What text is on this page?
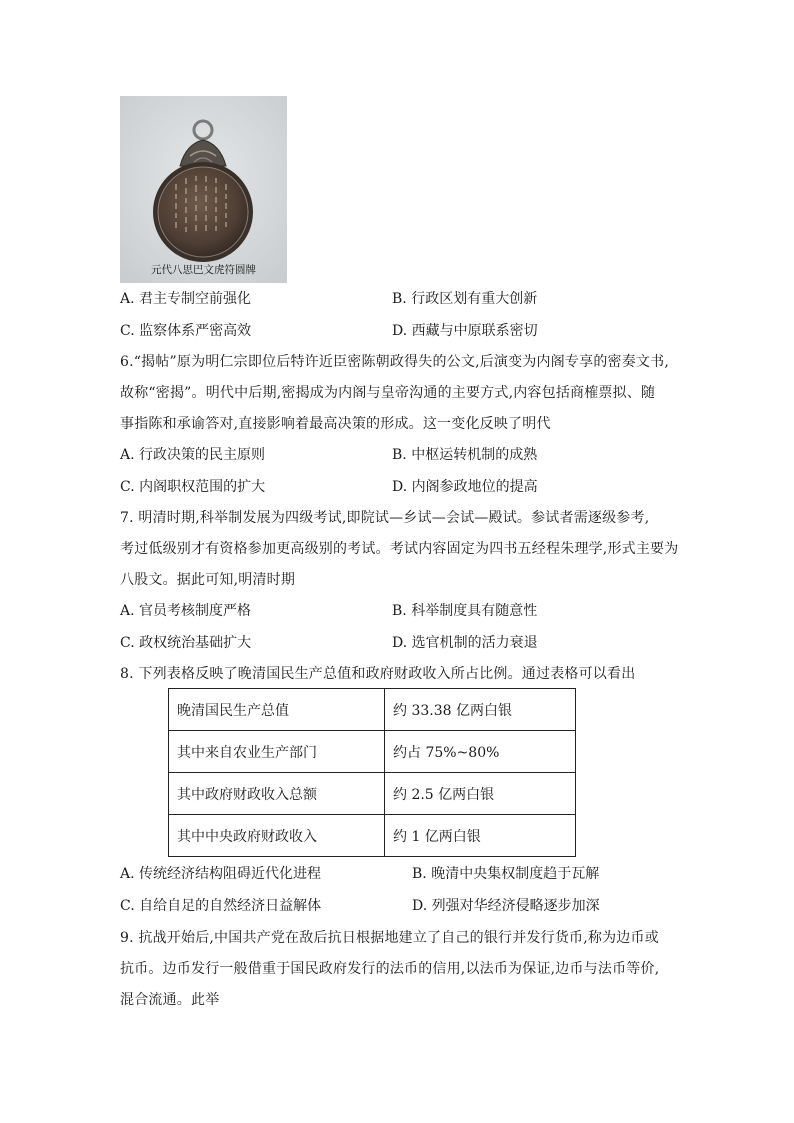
元代八思巴文虎符圆牌
A. 君主专制空前强化	B. 行政区划有重大创新
C. 监察体系严密高效	D. 西藏与中原联系密切
6.“揭帖”原为明仁宗即位后特许近臣密陈朝政得失的公文,后演变为内阁专享的密奏文书,
故称“密揭”。明代中后期,密揭成为内阁与皇帝沟通的主要方式,内容包括商榷票拟、随
事指陈和承谕答对,直接影响着最高决策的形成。这一变化反映了明代
A. 行政决策的民主原则	B. 中枢运转机制的成熟
C. 内阁职权范围的扩大	D. 内阁参政地位的提高
7. 明清时期,科举制发展为四级考试,即院试—乡试—会试—殿试。参试者需逐级参考,
考过低级别才有资格参加更高级别的考试。考试内容固定为四书五经程朱理学,形式主要为
八股文。据此可知,明清时期
A. 官员考核制度严格	B. 科举制度具有随意性
C. 政权统治基础扩大	D. 选官机制的活力衰退
8. 下列表格反映了晚清国民生产总值和政府财政收入所占比例。通过表格可以看出
晚清国民生产总值	约 33.38 亿两白银
其中来自农业生产部门	约占 75%~80%
其中政府财政收入总额	约 2.5 亿两白银
其中中央政府财政收入	约 1 亿两白银
A. 传统经济结构阻碍近代化进程	B. 晚清中央集权制度趋于瓦解
C. 自给自足的自然经济日益解体	D. 列强对华经济侵略逐步加深
9. 抗战开始后,中国共产党在敌后抗日根据地建立了自己的银行并发行货币,称为边币或
抗币。边币发行一般借重于国民政府发行的法币的信用,以法币为保证,边币与法币等价,
混合流通。此举
